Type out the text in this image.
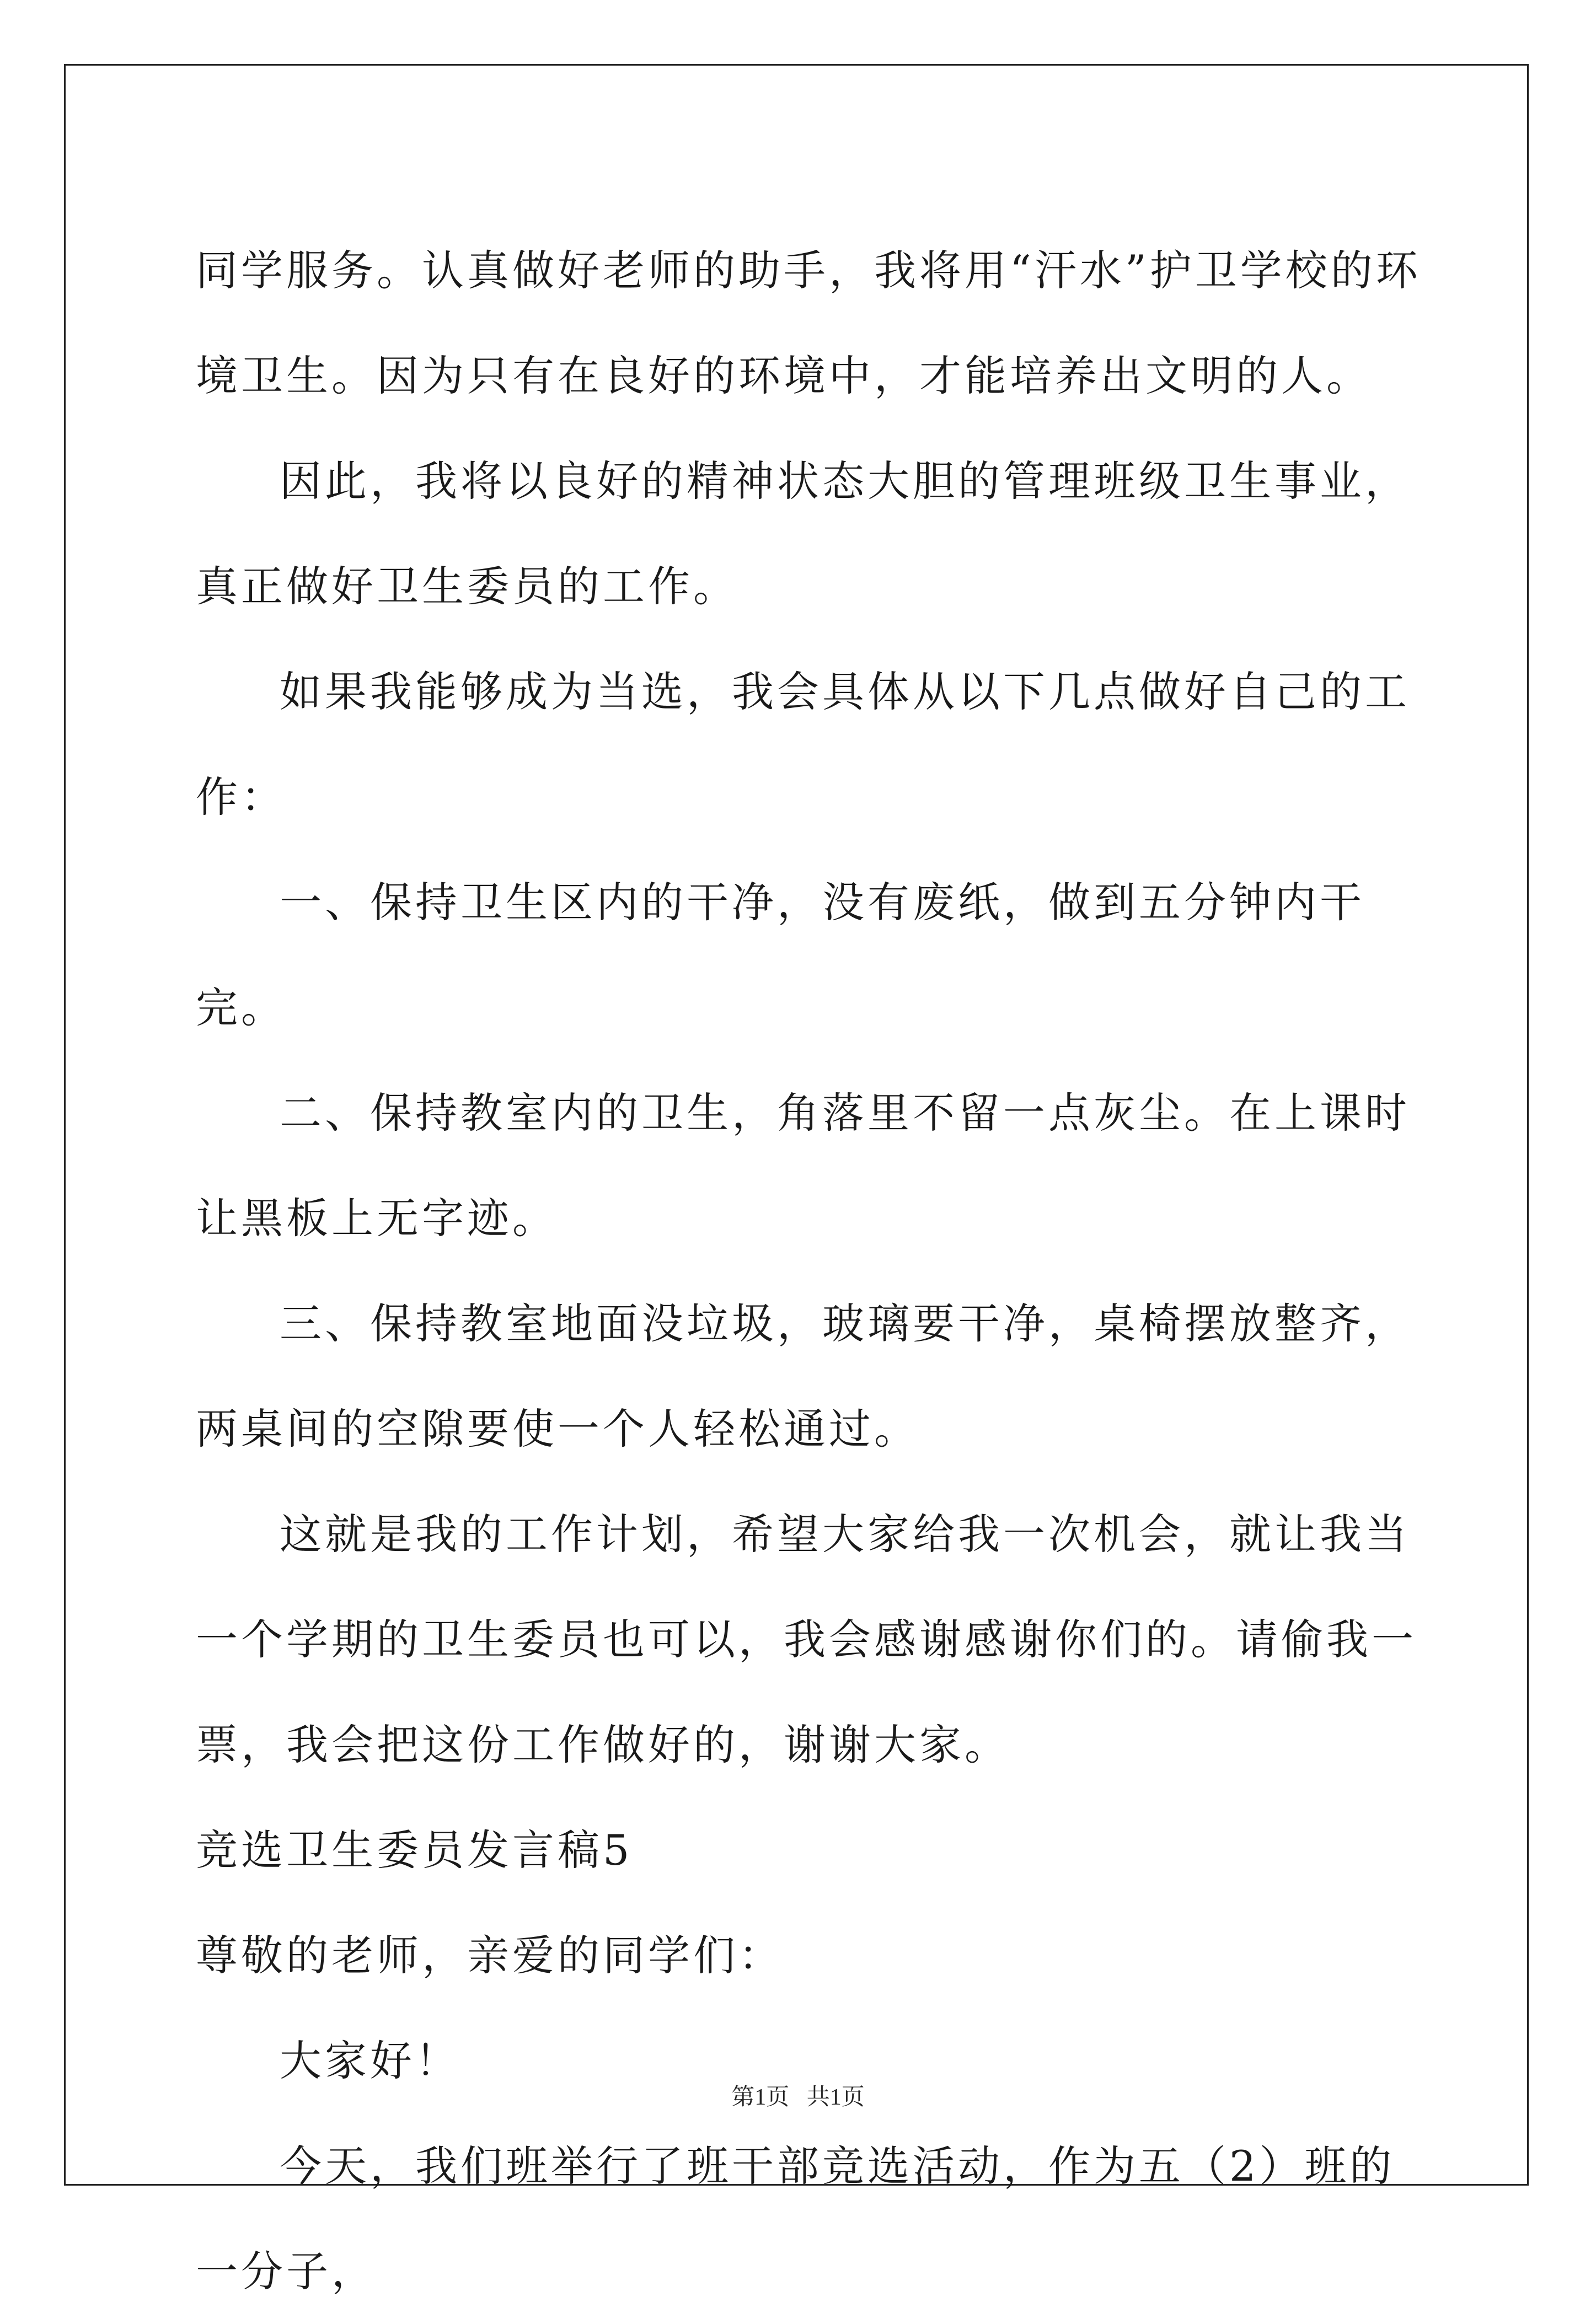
同学服务。认真做好老师的助手，我将用“汗水”护卫学校的环境卫生。因为只有在良好的环境中，才能培养出文明的人。

因此，我将以良好的精神状态大胆的管理班级卫生事业，真正做好卫生委员的工作。

如果我能够成为当选，我会具体从以下几点做好自己的工作：

一、保持卫生区内的干净，没有废纸，做到五分钟内干完。

二、保持教室内的卫生，角落里不留一点灰尘。在上课时让黑板上无字迹。

三、保持教室地面没垃圾，玻璃要干净，桌椅摆放整齐，两桌间的空隙要使一个人轻松通过。

这就是我的工作计划，希望大家给我一次机会，就让我当一个学期的卫生委员也可以，我会感谢感谢你们的。请偷我一票，我会把这份工作做好的，谢谢大家。

竞选卫生委员发言稿5

尊敬的老师，亲爱的同学们：

大家好！

今天，我们班举行了班干部竞选活动，作为五（2）班的一分子，

第1页   共1页
